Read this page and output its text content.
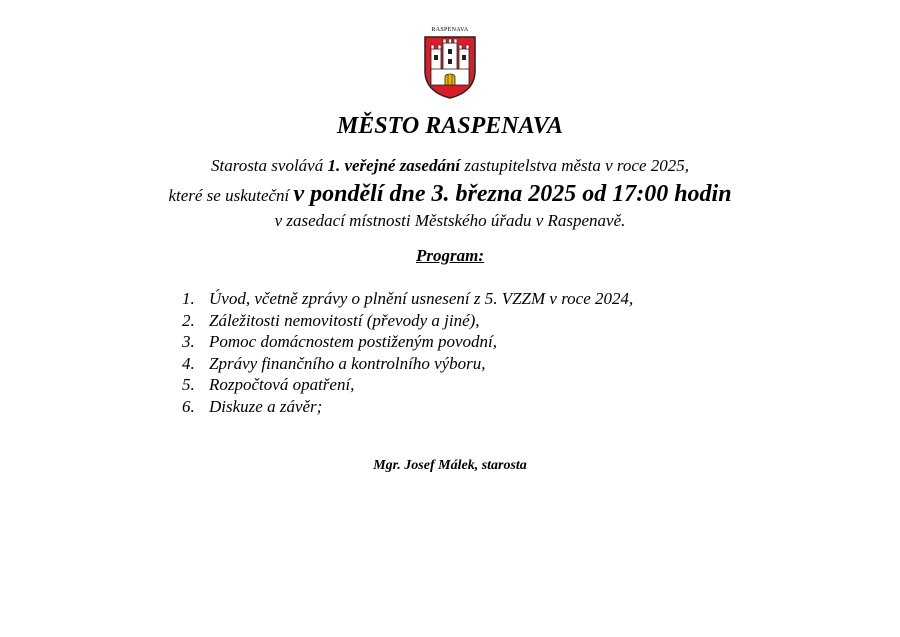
RASPENAVA
MĚSTO RASPENAVA
Starosta svolává 1. veřejné zasedání zastupitelstva města v roce 2025,
které se uskuteční v pondělí dne 3. března 2025 od 17:00 hodin
v zasedací místnosti Městského úřadu v Raspenavě.
Program:
1. Úvod, včetně zprávy o plnění usnesení z 5. VZZM v roce 2024,
2. Záležitosti nemovitostí (převody a jiné),
3. Pomoc domácnostem postiženým povodní,
4. Zprávy finančního a kontrolního výboru,
5. Rozpočtová opatření,
6. Diskuze a závěr;
Mgr. Josef Málek, starosta
